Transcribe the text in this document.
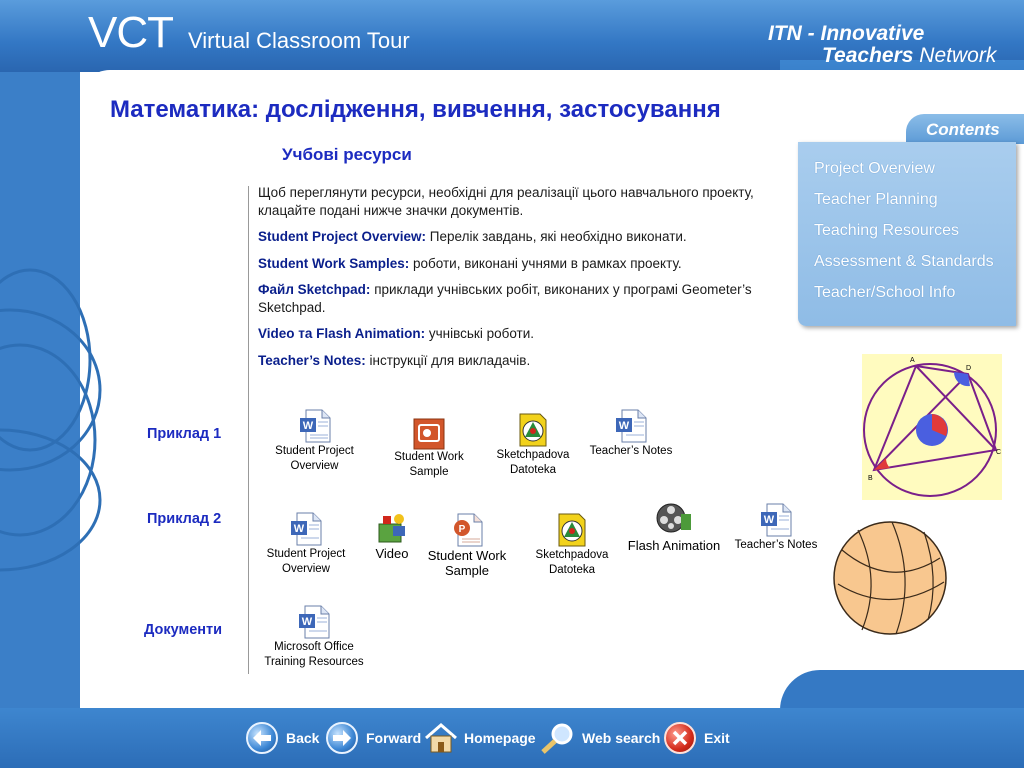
VCT Virtual Classroom Tour	ITN - Innovative
Teachers Network
Contents
Project Overview
Teacher Planning
Teaching Resources
Assessment & Standards
Teacher/School Info
Математика: дослідження, вивчення, застосування
Учбові ресурси

Щоб переглянути ресурси, необхідні для реалізації цього навчального проекту, клацайте подані нижче значки документів.

Student Project Overview: Перелік завдань, які необхідно виконати.

Student Work Samples: роботи, виконані учнями в рамках проекту.

Файл Sketchpad: приклади учнівських робіт, виконаних у програмі Geometer’s Sketchpad.

Video та Flash Animation: учнівські роботи.

Teacher’s Notes: інструкції для викладачів.

Приклад 1
Приклад 2
Документи
W
Student Project Overview
Student Work Sample
Sketchpadova Datoteka
W
Teacher’s Notes
W
Student Project Overview
Video
P
Student Work Sample
Sketchpadova Datoteka
Flash Animation
W
Teacher’s Notes
W
Microsoft Office Training Resources
A
D
C
B
Back	Forward	Homepage	Web search	Exit
